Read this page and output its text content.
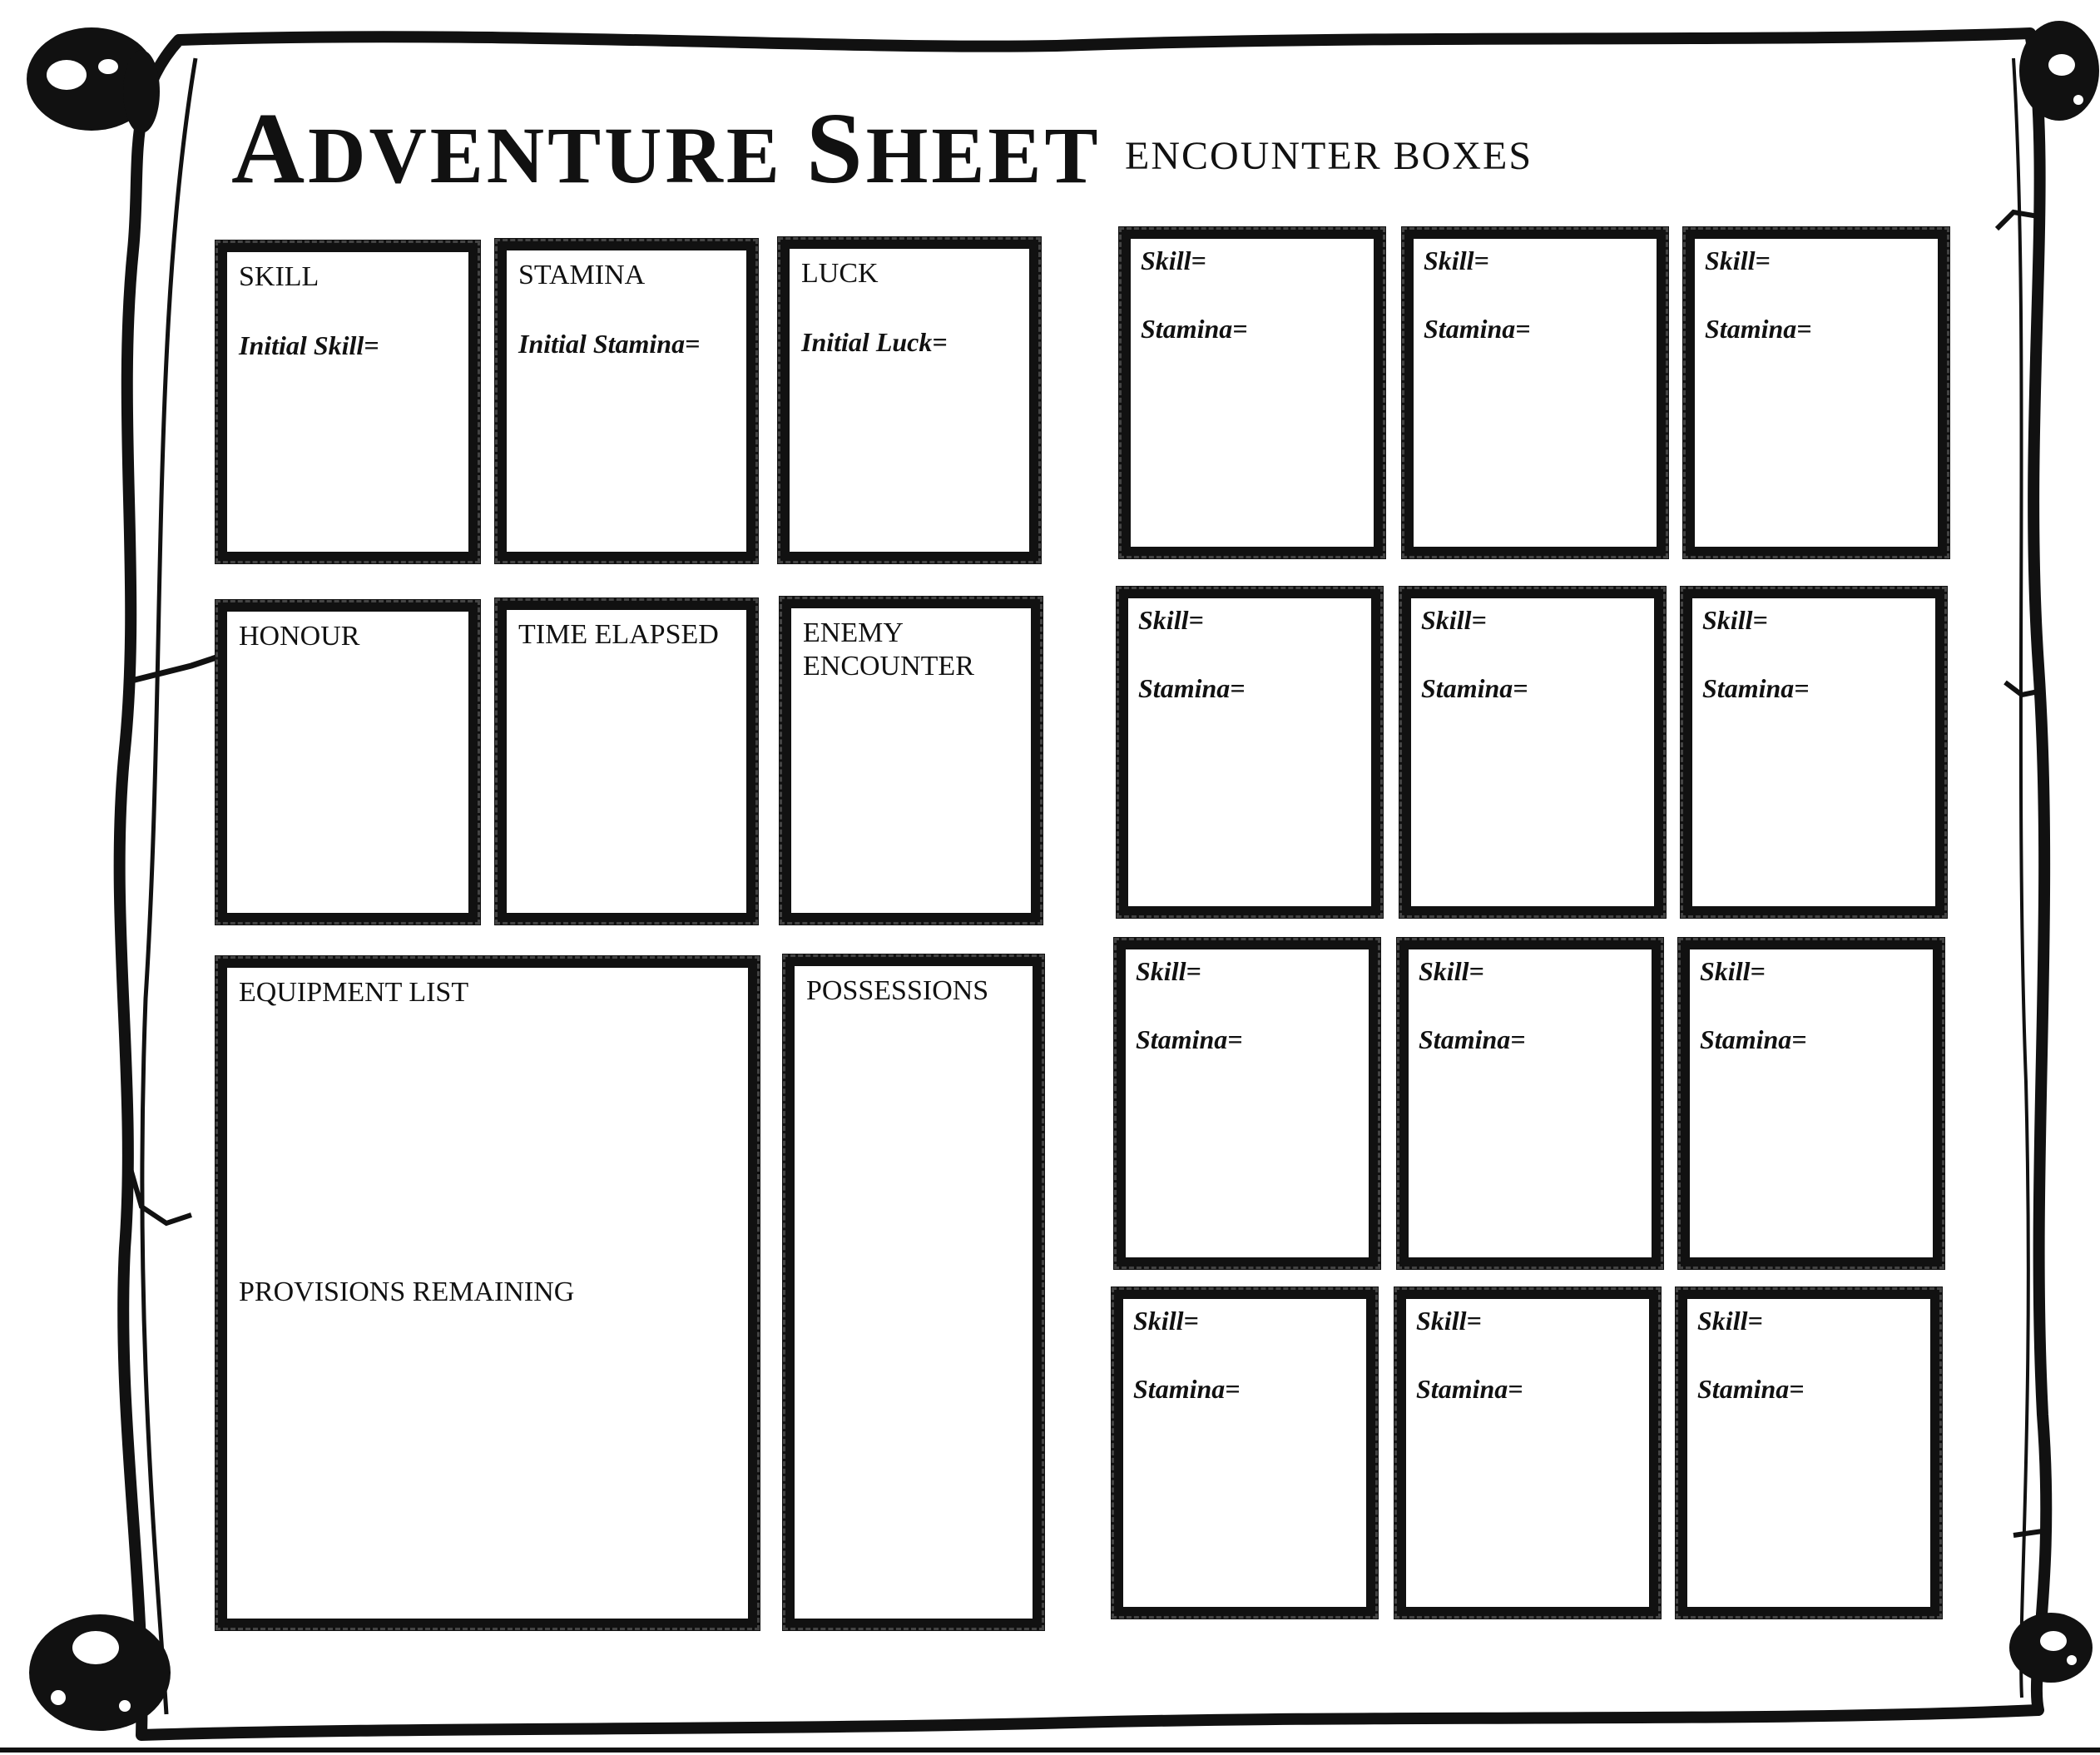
ADVENTURE SHEET ENCOUNTER BOXES
SKILL
Initial Skill=
STAMINA
Initial Stamina=
LUCK
Initial Luck=
HONOUR	TIME ELAPSED	ENEMY
ENCOUNTER
EQUIPMENT LIST
PROVISIONS REMAINING
POSSESSIONS
Skill=
Stamina=
Skill=
Stamina=
Skill=
Stamina=
Skill=
Stamina=
Skill=
Stamina=
Skill=
Stamina=
Skill=
Stamina=
Skill=
Stamina=
Skill=
Stamina=
Skill=
Stamina=
Skill=
Stamina=
Skill=
Stamina=
